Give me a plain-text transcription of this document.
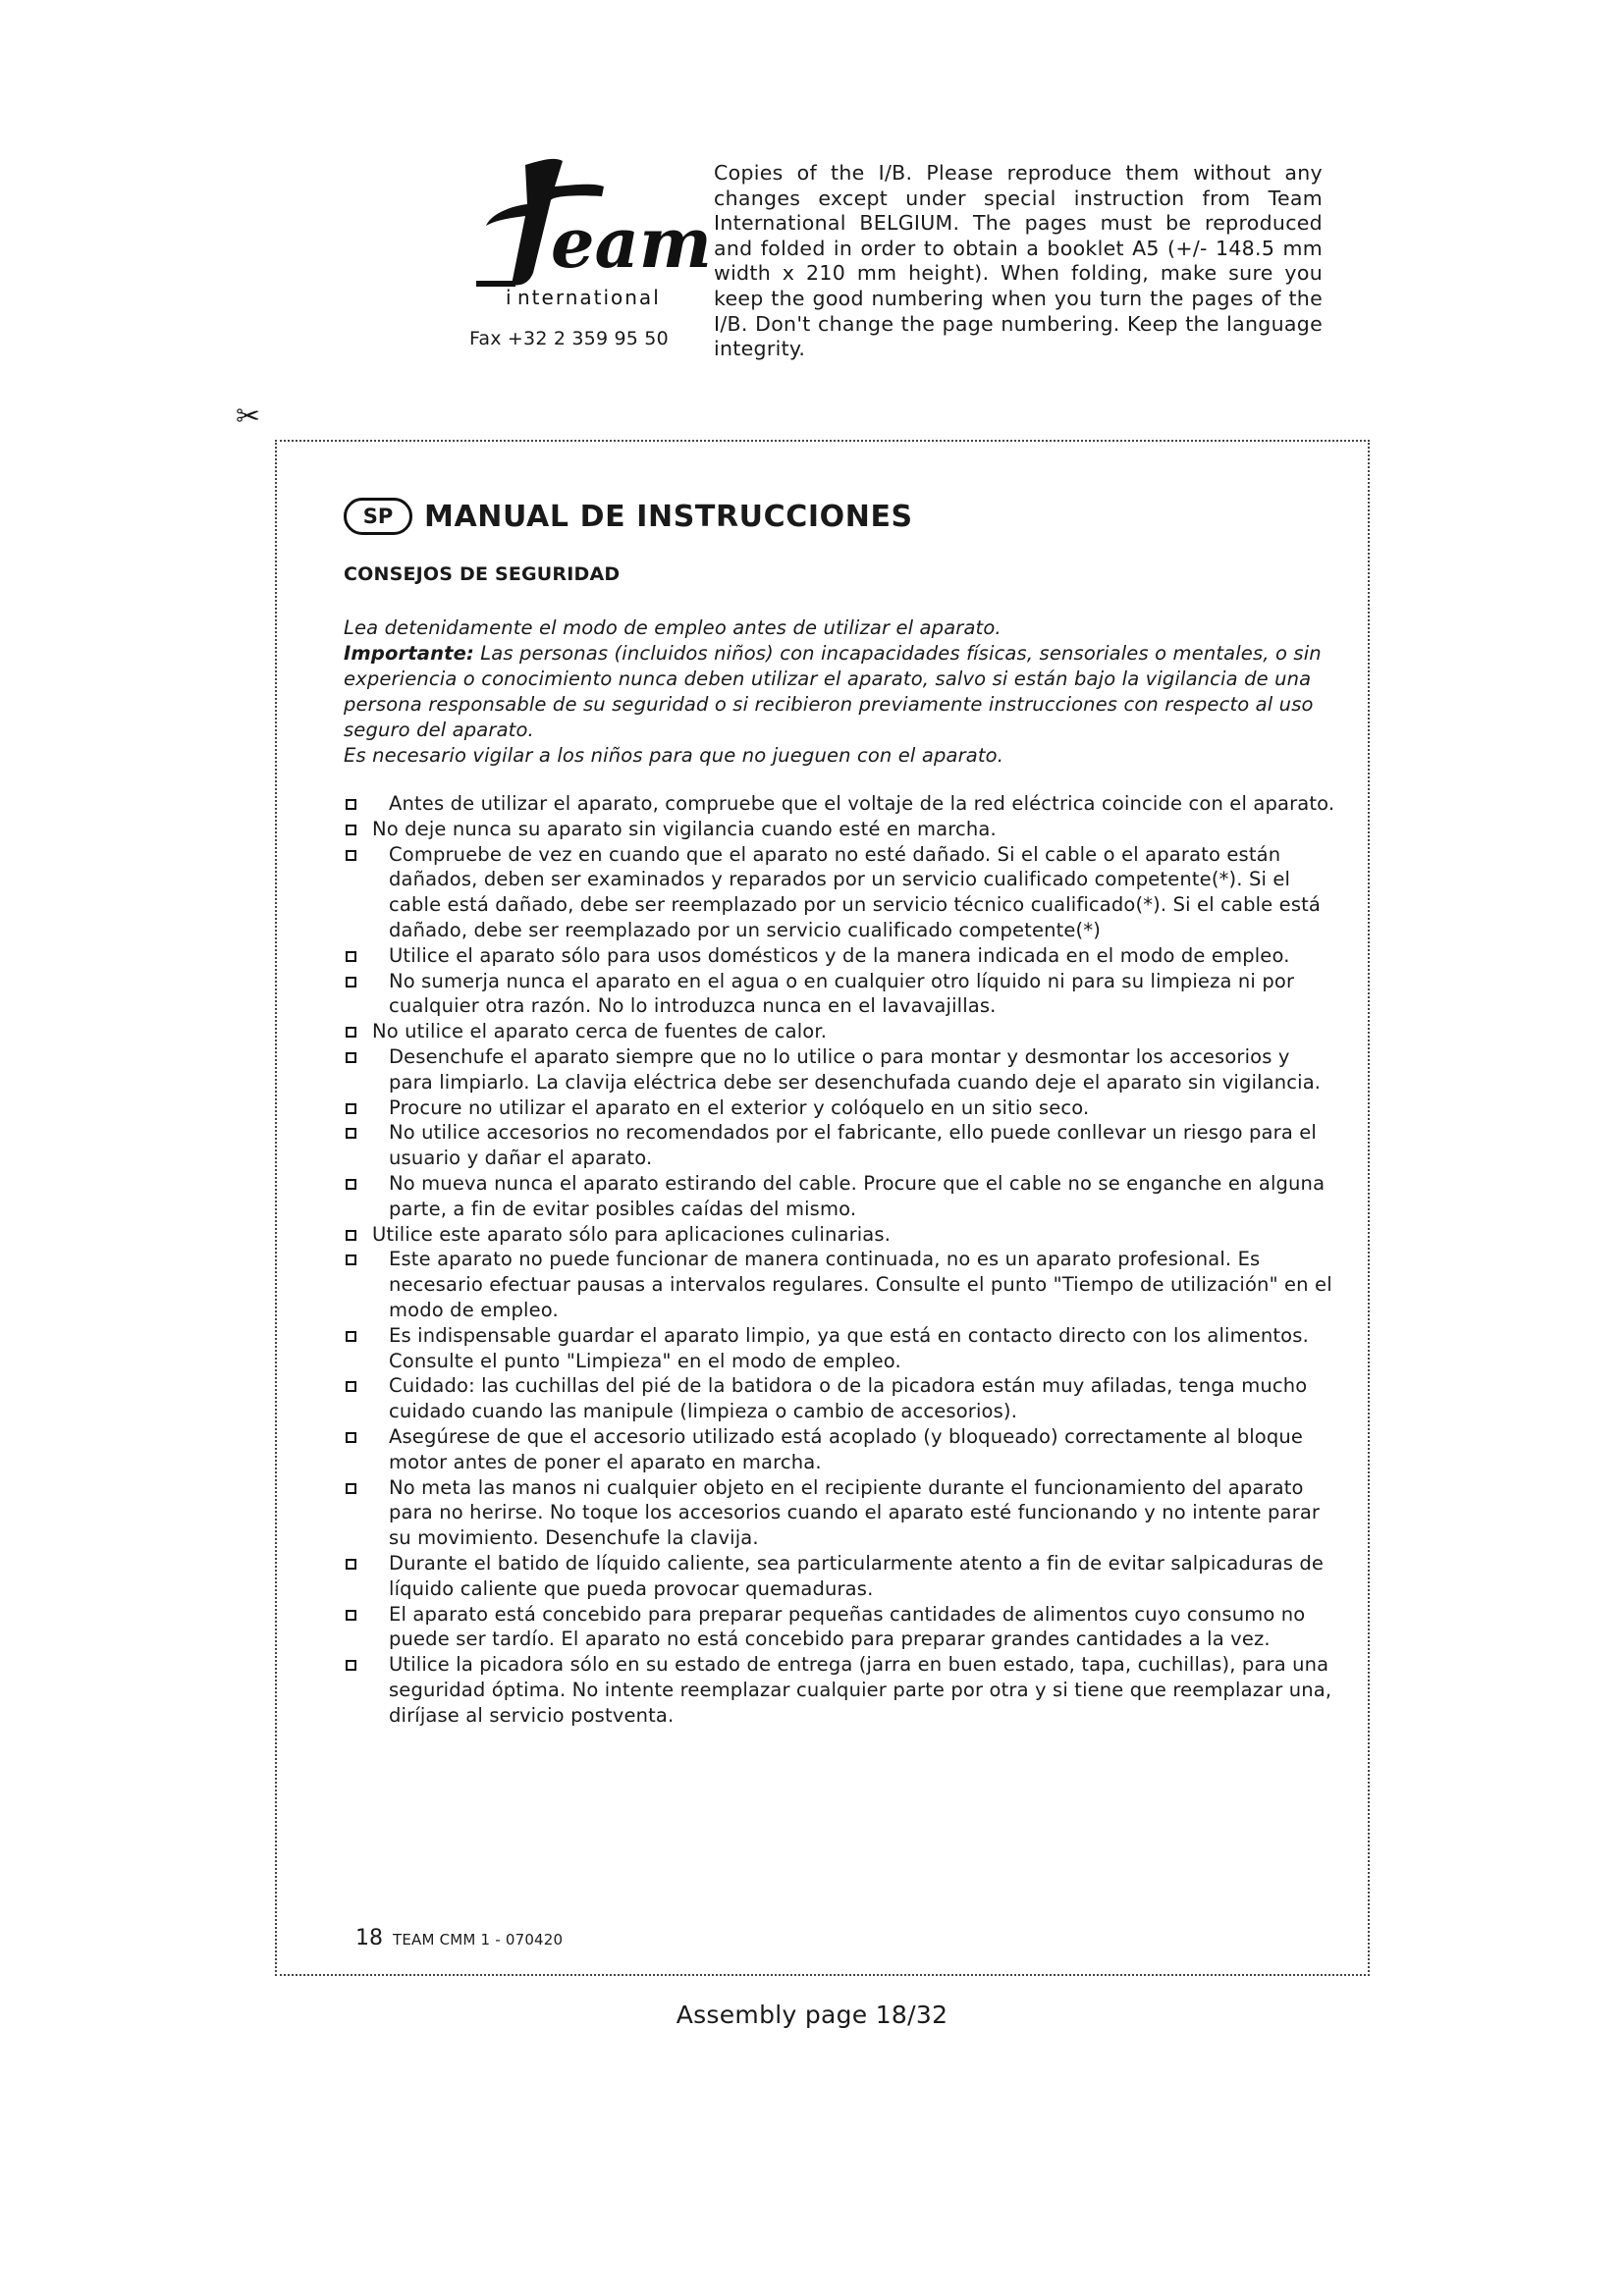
eam
nternational
i
Fax +32 2 359 95 50
Copies of the I/B. Please reproduce them without any changes except under special instruction from Team International BELGIUM. The pages must be reproduced and folded in order to obtain a booklet A5 (+/- 148.5 mm width x 210 mm height). When folding, make sure you keep the good numbering when you turn the pages of the I/B. Don't change the page numbering. Keep the language integrity.
✂
SP	MANUAL DE INSTRUCCIONES
CONSEJOS DE SEGURIDAD

Lea detenidamente el modo de empleo antes de utilizar el aparato.

Importante: Las personas (incluidos niños) con incapacidades físicas, sensoriales o mentales, o sin experiencia o conocimiento nunca deben utilizar el aparato, salvo si están bajo la vigilancia de una persona responsable de su seguridad o si recibieron previamente instrucciones con respecto al uso seguro del aparato.

Es necesario vigilar a los niños para que no jueguen con el aparato.

Antes de utilizar el aparato, compruebe que el voltaje de la red eléctrica coincide con el aparato.
No deje nunca su aparato sin vigilancia cuando esté en marcha.
Compruebe de vez en cuando que el aparato no esté dañado. Si el cable o el aparato están dañados, deben ser examinados y reparados por un servicio cualificado competente(*). Si el cable está dañado, debe ser reemplazado por un servicio técnico cualificado(*). Si el cable está dañado, debe ser reemplazado por un servicio cualificado competente(*)
Utilice el aparato sólo para usos domésticos y de la manera indicada en el modo de empleo.
No sumerja nunca el aparato en el agua o en cualquier otro líquido ni para su limpieza ni por cualquier otra razón. No lo introduzca nunca en el lavavajillas.
No utilice el aparato cerca de fuentes de calor.
Desenchufe el aparato siempre que no lo utilice o para montar y desmontar los accesorios y para limpiarlo. La clavija eléctrica debe ser desenchufada cuando deje el aparato sin vigilancia.
Procure no utilizar el aparato en el exterior y colóquelo en un sitio seco.
No utilice accesorios no recomendados por el fabricante, ello puede conllevar un riesgo para el usuario y dañar el aparato.
No mueva nunca el aparato estirando del cable. Procure que el cable no se enganche en alguna parte, a fin de evitar posibles caídas del mismo.
Utilice este aparato sólo para aplicaciones culinarias.
Este aparato no puede funcionar de manera continuada, no es un aparato profesional. Es necesario efectuar pausas a intervalos regulares. Consulte el punto "Tiempo de utilización" en el modo de empleo.
Es indispensable guardar el aparato limpio, ya que está en contacto directo con los alimentos. Consulte el punto "Limpieza" en el modo de empleo.
Cuidado: las cuchillas del pié de la batidora o de la picadora están muy afiladas, tenga mucho cuidado cuando las manipule (limpieza o cambio de accesorios).
Asegúrese de que el accesorio utilizado está acoplado (y bloqueado) correctamente al bloque motor antes de poner el aparato en marcha.
No meta las manos ni cualquier objeto en el recipiente durante el funcionamiento del aparato para no herirse. No toque los accesorios cuando el aparato esté funcionando y no intente parar su movimiento. Desenchufe la clavija.
Durante el batido de líquido caliente, sea particularmente atento a fin de evitar salpicaduras de líquido caliente que pueda provocar quemaduras.
El aparato está concebido para preparar pequeñas cantidades de alimentos cuyo consumo no puede ser tardío. El aparato no está concebido para preparar grandes cantidades a la vez.
Utilice la picadora sólo en su estado de entrega (jarra en buen estado, tapa, cuchillas), para una seguridad óptima. No intente reemplazar cualquier parte por otra y si tiene que reemplazar una, diríjase al servicio postventa.
18 TEAM CMM 1 - 070420
Assembly page 18/32
